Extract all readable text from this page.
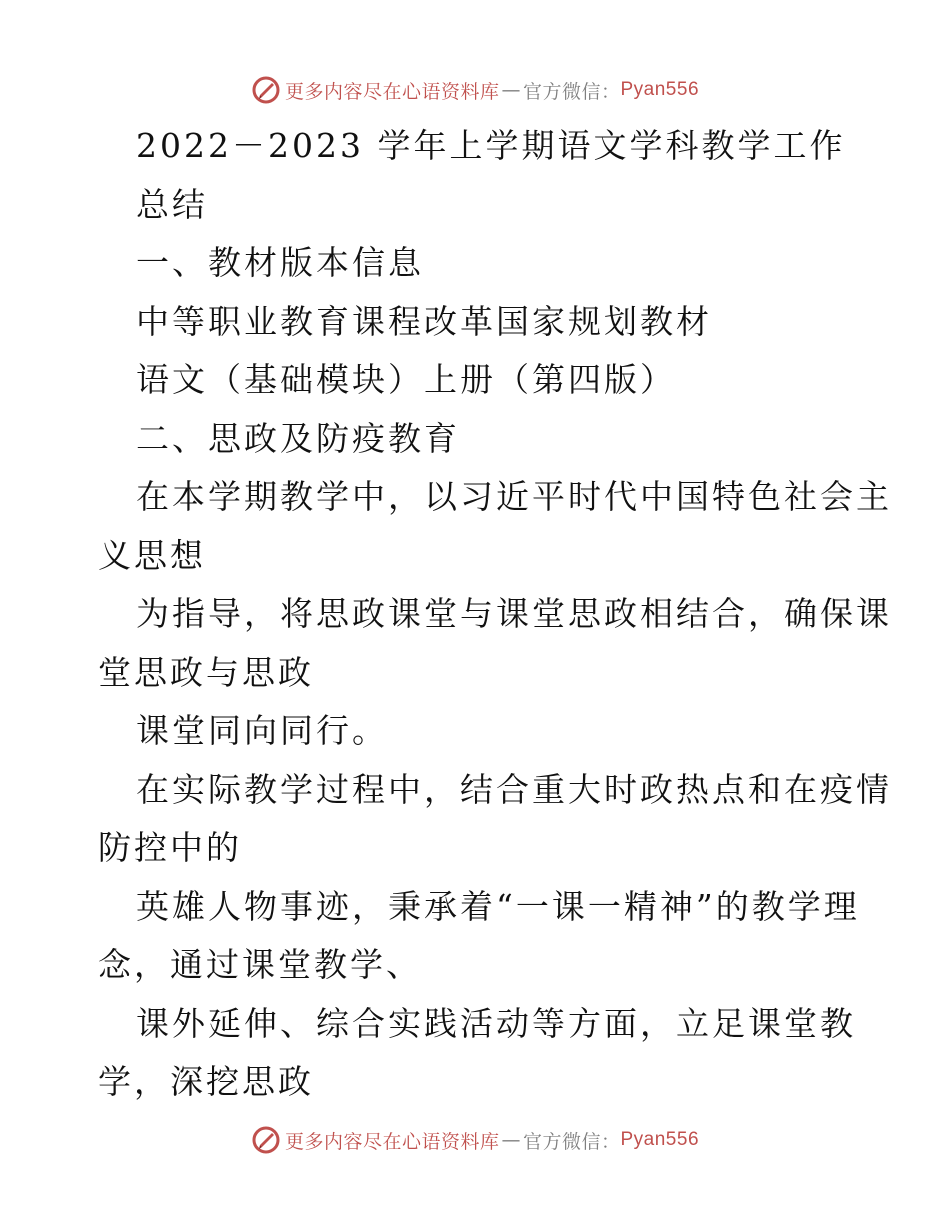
更多内容尽在心语资料库 — 官方微信： Pyan556
2022－2023 学年上学期语文学科教学工作
总结
一、教材版本信息
中等职业教育课程改革国家规划教材
语文（基础模块）上册（第四版）
二、思政及防疫教育
在本学期教学中，以习近平时代中国特色社会主
义思想
为指导，将思政课堂与课堂思政相结合，确保课
堂思政与思政
课堂同向同行。
在实际教学过程中，结合重大时政热点和在疫情
防控中的
英雄人物事迹，秉承着“一课一精神”的教学理
念，通过课堂教学、
课外延伸、综合实践活动等方面，立足课堂教
学，深挖思政
更多内容尽在心语资料库 — 官方微信： Pyan556
